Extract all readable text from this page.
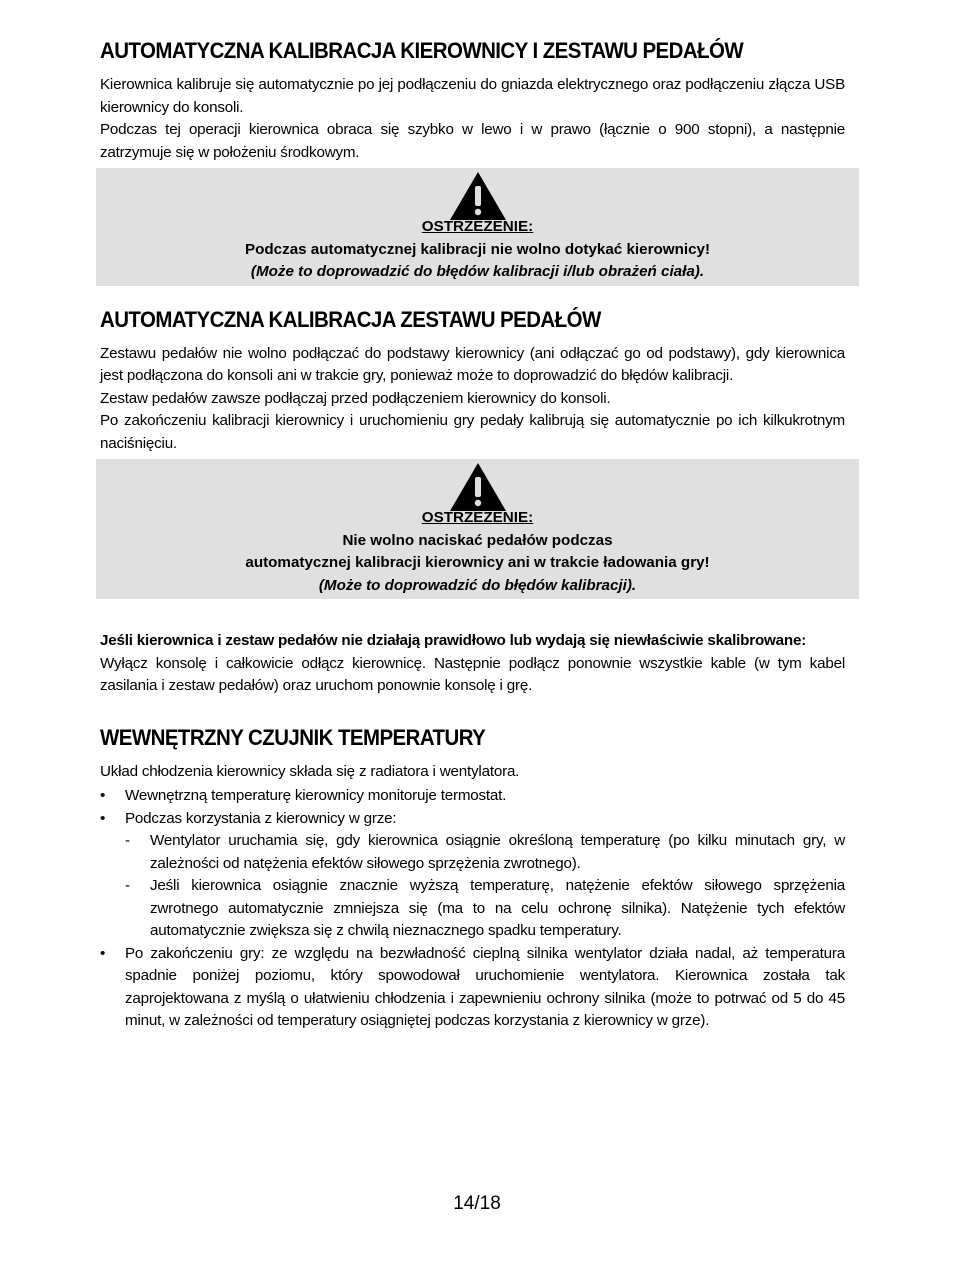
AUTOMATYCZNA KALIBRACJA KIEROWNICY I ZESTAWU PEDAŁÓW

Kierownica kalibruje się automatycznie po jej podłączeniu do gniazda elektrycznego oraz podłączeniu złącza USB kierownicy do konsoli.

Podczas tej operacji kierownica obraca się szybko w lewo i w prawo (łącznie o 900 stopni), a następnie zatrzymuje się w położeniu środkowym.

OSTRZEŻENIE:
Podczas automatycznej kalibracji nie wolno dotykać kierownicy!
(Może to doprowadzić do błędów kalibracji i/lub obrażeń ciała).
AUTOMATYCZNA KALIBRACJA ZESTAWU PEDAŁÓW

Zestawu pedałów nie wolno podłączać do podstawy kierownicy (ani odłączać go od podstawy), gdy kierownica jest podłączona do konsoli ani w trakcie gry, ponieważ może to doprowadzić do błędów kalibracji.

Zestaw pedałów zawsze podłączaj przed podłączeniem kierownicy do konsoli.

Po zakończeniu kalibracji kierownicy i uruchomieniu gry pedały kalibrują się automatycznie po ich kilkukrotnym naciśnięciu.

OSTRZEŻENIE:
Nie wolno naciskać pedałów podczas
automatycznej kalibracji kierownicy ani w trakcie ładowania gry!
(Może to doprowadzić do błędów kalibracji).

Jeśli kierownica i zestaw pedałów nie działają prawidłowo lub wydają się niewłaściwie skalibrowane:

Wyłącz konsolę i całkowicie odłącz kierownicę. Następnie podłącz ponownie wszystkie kable (w tym kabel zasilania i zestaw pedałów) oraz uruchom ponownie konsolę i grę.

WEWNĘTRZNY CZUJNIK TEMPERATURY

Układ chłodzenia kierownicy składa się z radiatora i wentylatora.

•	Wewnętrzną temperaturę kierownicy monitoruje termostat.
•	Podczas korzystania z kierownicy w grze:
- Wentylator uruchamia się, gdy kierownica osiągnie określoną temperaturę (po kilku minutach gry, w zależności od natężenia efektów siłowego sprzężenia zwrotnego).
- Jeśli kierownica osiągnie znacznie wyższą temperaturę, natężenie efektów siłowego sprzężenia zwrotnego automatycznie zmniejsza się (ma to na celu ochronę silnika). Natężenie tych efektów automatycznie zwiększa się z chwilą nieznacznego spadku temperatury.
•	Po zakończeniu gry: ze względu na bezwładność cieplną silnika wentylator działa nadal, aż temperatura spadnie poniżej poziomu, który spowodował uruchomienie wentylatora. Kierownica została tak zaprojektowana z myślą o ułatwieniu chłodzenia i zapewnieniu ochrony silnika (może to potrwać od 5 do 45 minut, w zależności od temperatury osiągniętej podczas korzystania z kierownicy w grze).
14/18
